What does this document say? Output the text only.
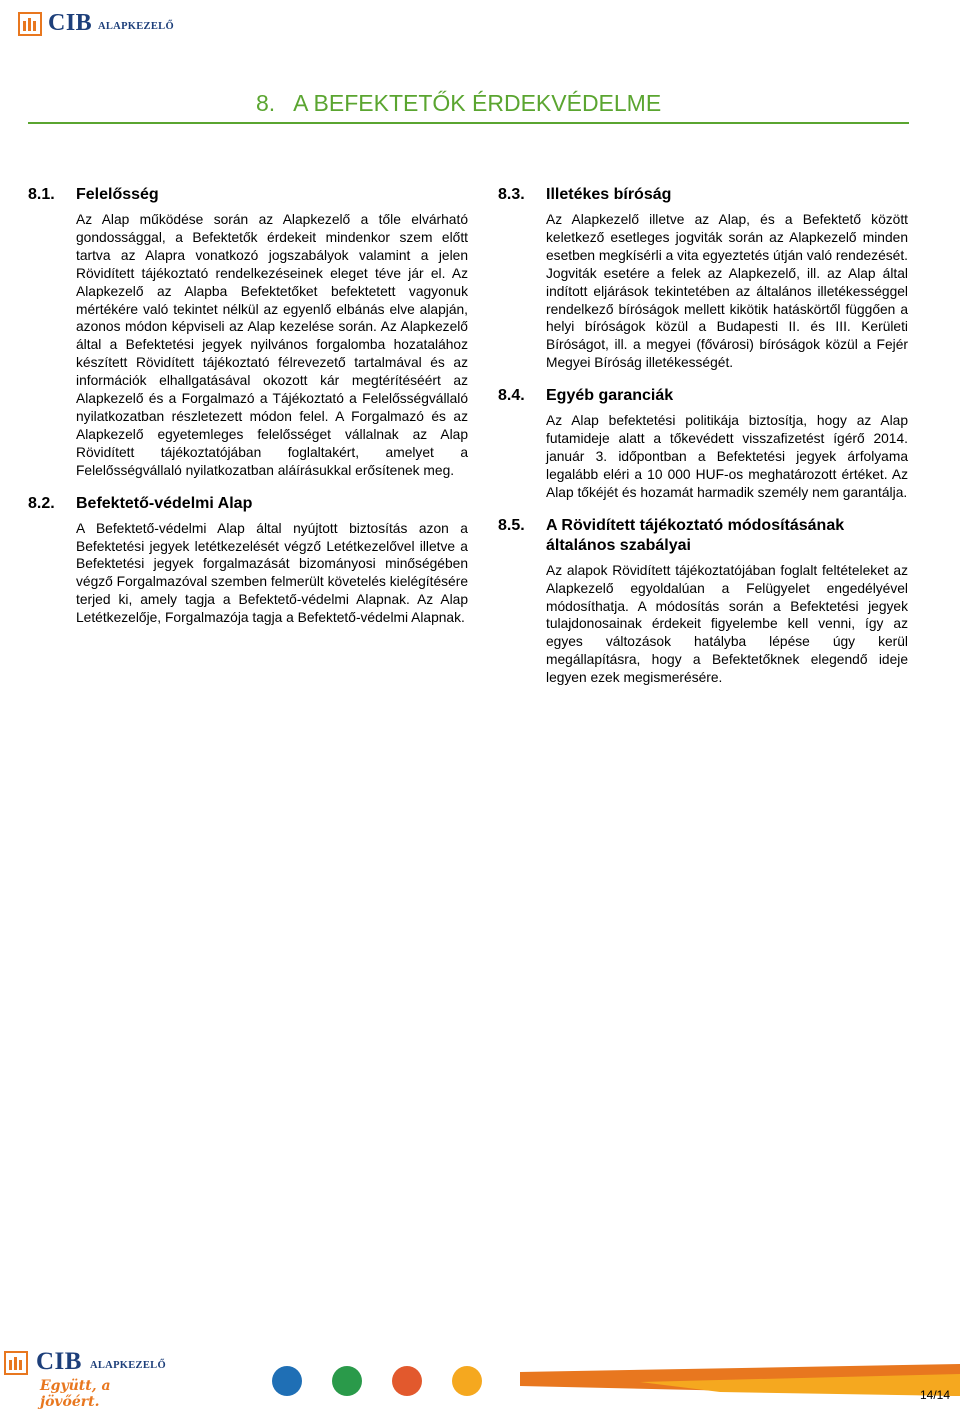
CIB ALAPKEZELŐ
8.   A BEFEKTETŐK ÉRDEKVÉDELME
8.1.	Felelősség
Az Alap működése során az Alapkezelő a tőle elvárható gondossággal, a Befektetők érdekeit mindenkor szem előtt tartva az Alapra vonatkozó jogszabályok valamint a jelen Rövidített tájékoztató rendelkezéseinek eleget téve jár el. Az Alapkezelő az Alapba Befektetőket befektetett vagyonuk mértékére való tekintet nélkül az egyenlő elbánás elve alapján, azonos módon képviseli az Alap kezelése során. Az Alapkezelő által a Befektetési jegyek nyilvános forgalomba hozatalához készített Rövidített tájékoztató félrevezető tartalmával és az információk elhallgatásával okozott kár megtérítéséért az Alapkezelő és a Forgalmazó a Tájékoztató a Felelősségvállaló nyilatkozatban részletezett módon felel. A Forgalmazó és az Alapkezelő egyetemleges felelősséget vállalnak az Alap Rövidített tájékoztatójában foglaltakért, amelyet a Felelősségvállaló nyilatkozatban aláírásukkal erősítenek meg.
8.2.	Befektető-védelmi Alap
A Befektető-védelmi Alap által nyújtott biztosítás azon a Befektetési jegyek letétkezelését végző Letétkezelővel illetve a Befektetési jegyek forgalmazását bizományosi minőségében végző Forgalmazóval szemben felmerült követelés kielégítésére terjed ki, amely tagja a Befektető-védelmi Alapnak. Az Alap Letétkezelője, Forgalmazója tagja a Befektető-védelmi Alapnak.
8.3.	Illetékes bíróság
Az Alapkezelő illetve az Alap, és a Befektető között keletkező esetleges jogviták során az Alapkezelő minden esetben megkísérli a vita egyeztetés útján való rendezését. Jogviták esetére a felek az Alapkezelő, ill. az Alap által indított eljárások tekintetében az általános illetékességgel rendelkező bíróságok mellett kikötik hatáskörtől függően a helyi bíróságok közül a Budapesti II. és III. Kerületi Bíróságot, ill. a megyei (fővárosi) bíróságok közül a Fejér Megyei Bíróság illetékességét.
8.4.	Egyéb garanciák
Az Alap befektetési politikája biztosítja, hogy az Alap futamideje alatt a tőkevédett visszafizetést ígérő 2014. január 3. időpontban a Befektetési jegyek árfolyama legalább eléri a 10 000 HUF-os meghatározott értéket. Az Alap tőkéjét és hozamát harmadik személy nem garantálja.
8.5.	A Rövidített tájékoztató módosításának általános szabályai
Az alapok Rövidített tájékoztatójában foglalt feltételeket az Alapkezelő egyoldalúan a Felügyelet engedélyével módosíthatja. A módosítás során a Befektetési jegyek tulajdonosainak érdekeit figyelembe kell venni, így az egyes változások hatályba lépése úgy kerül megállapításra, hogy a Befektetőknek elegendő ideje legyen ezek megismerésére.
CIB ALAPKEZELŐ
Együtt, a jövőért.	14/14
